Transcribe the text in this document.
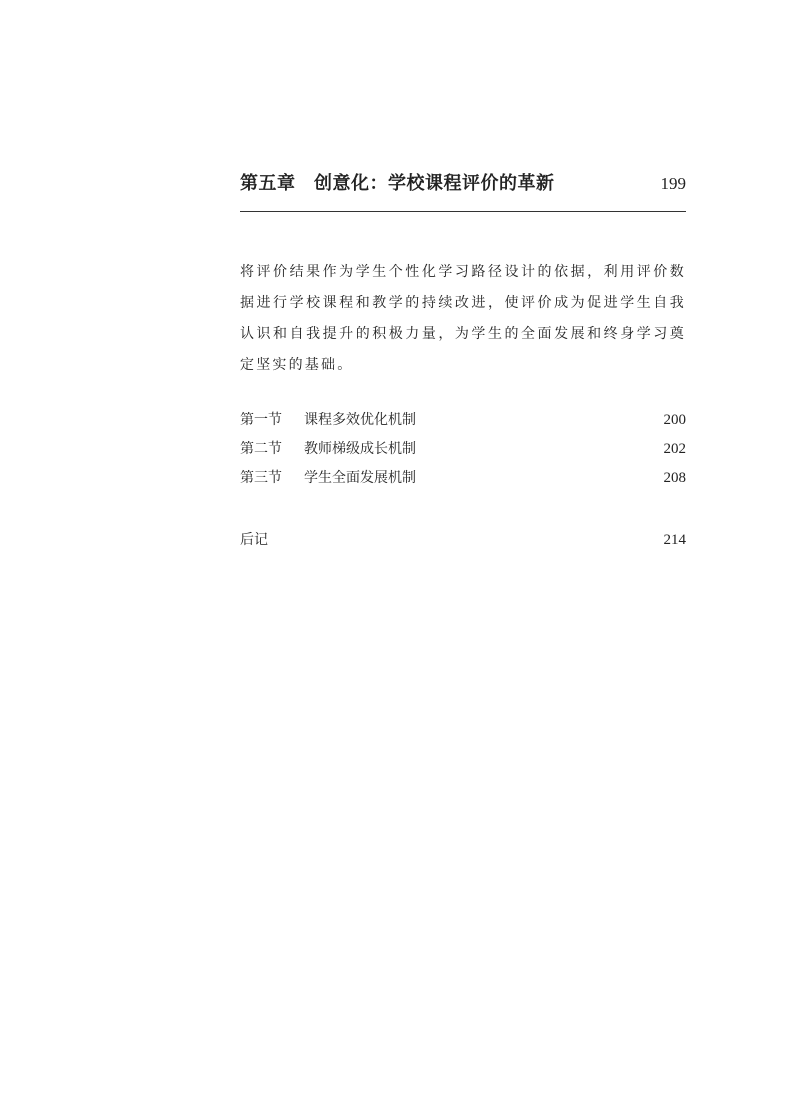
第五章　创意化：学校课程评价的革新	199

将评价结果作为学生个性化学习路径设计的依据，利用评价数据进行学校课程和教学的持续改进，使评价成为促进学生自我认识和自我提升的积极力量，为学生的全面发展和终身学习奠定坚实的基础。

第一节 课程多效优化机制	200
第二节 教师梯级成长机制	202
第三节 学生全面发展机制	208
后记	214
